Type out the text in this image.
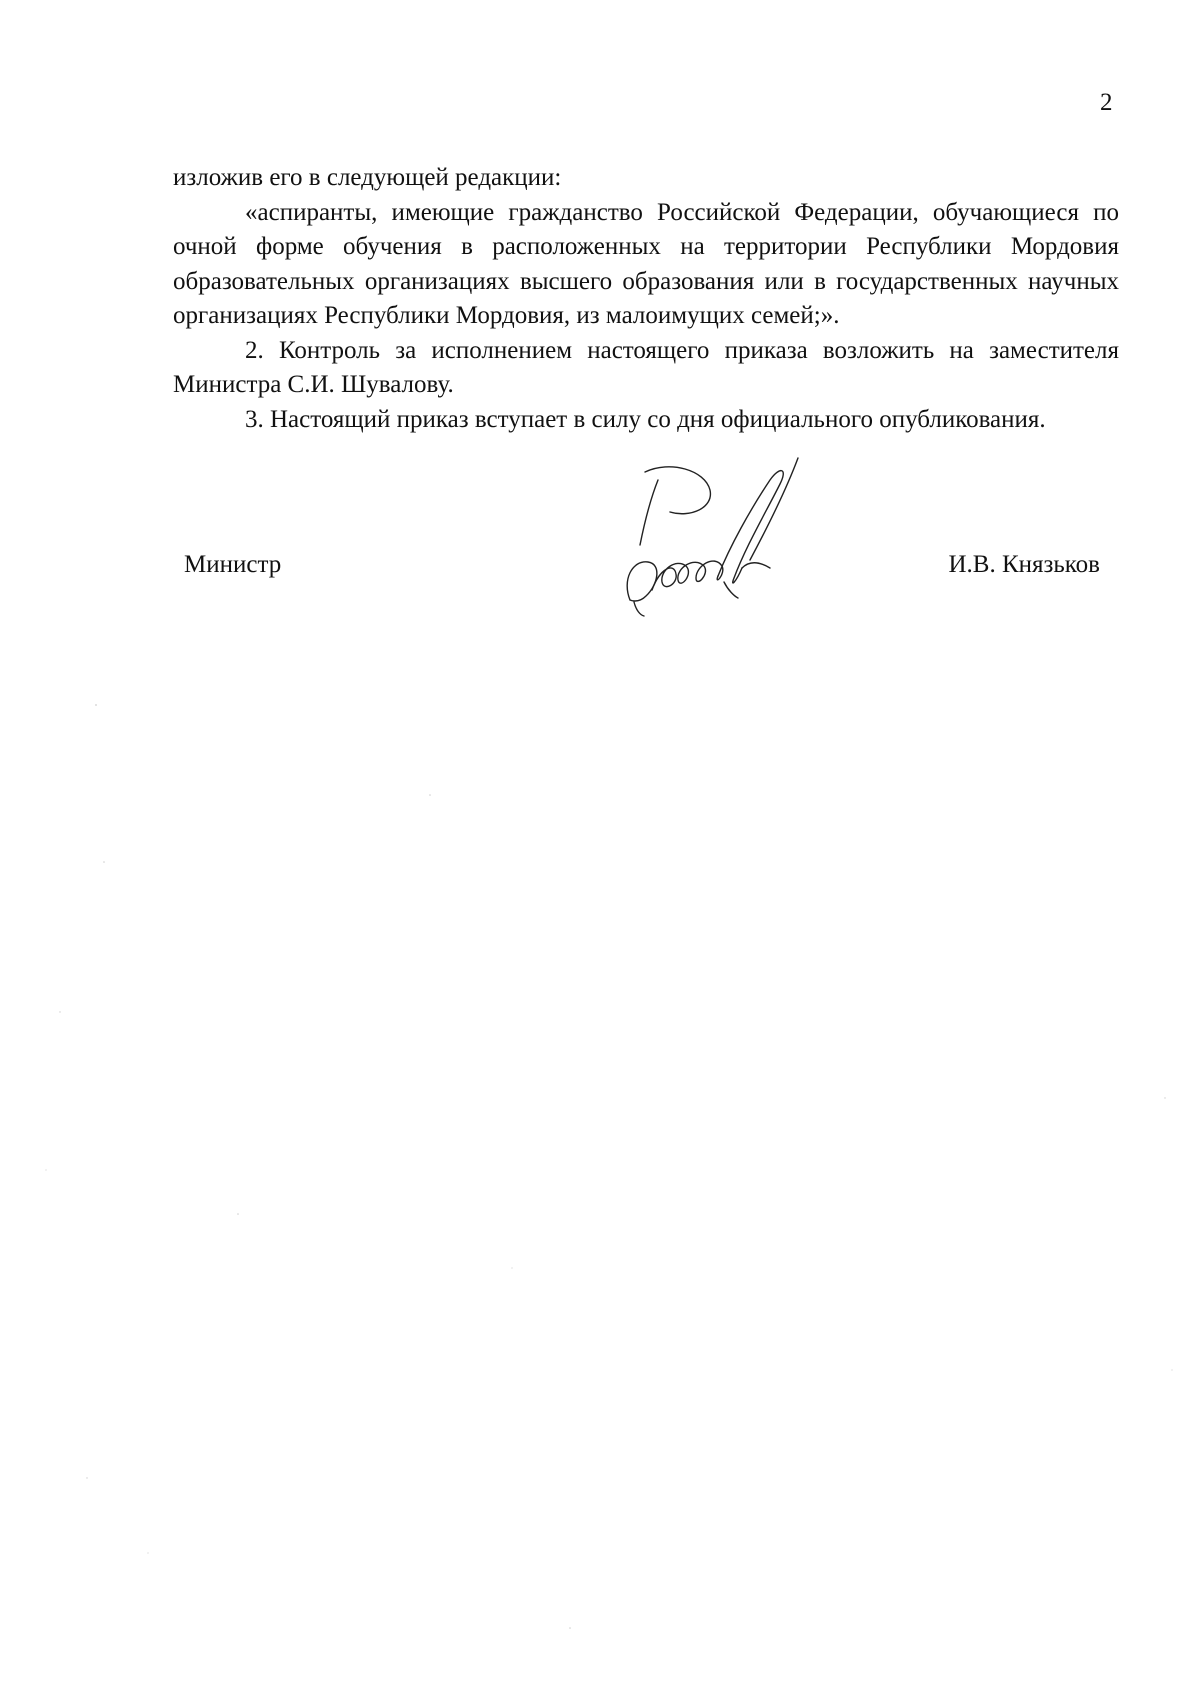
2

изложив его в следующей редакции:

«аспиранты, имеющие гражданство Российской Федерации, обучающиеся по очной форме обучения в расположенных на территории Республики Мордовия образовательных организациях высшего образования или в государственных научных организациях Республики Мордовия, из малоимущих семей;».

2. Контроль за исполнением настоящего приказа возложить на заместителя Министра С.И. Шувалову.

3. Настоящий приказ вступает в силу со дня официального опубликования.

Министр	И.В. Князьков
